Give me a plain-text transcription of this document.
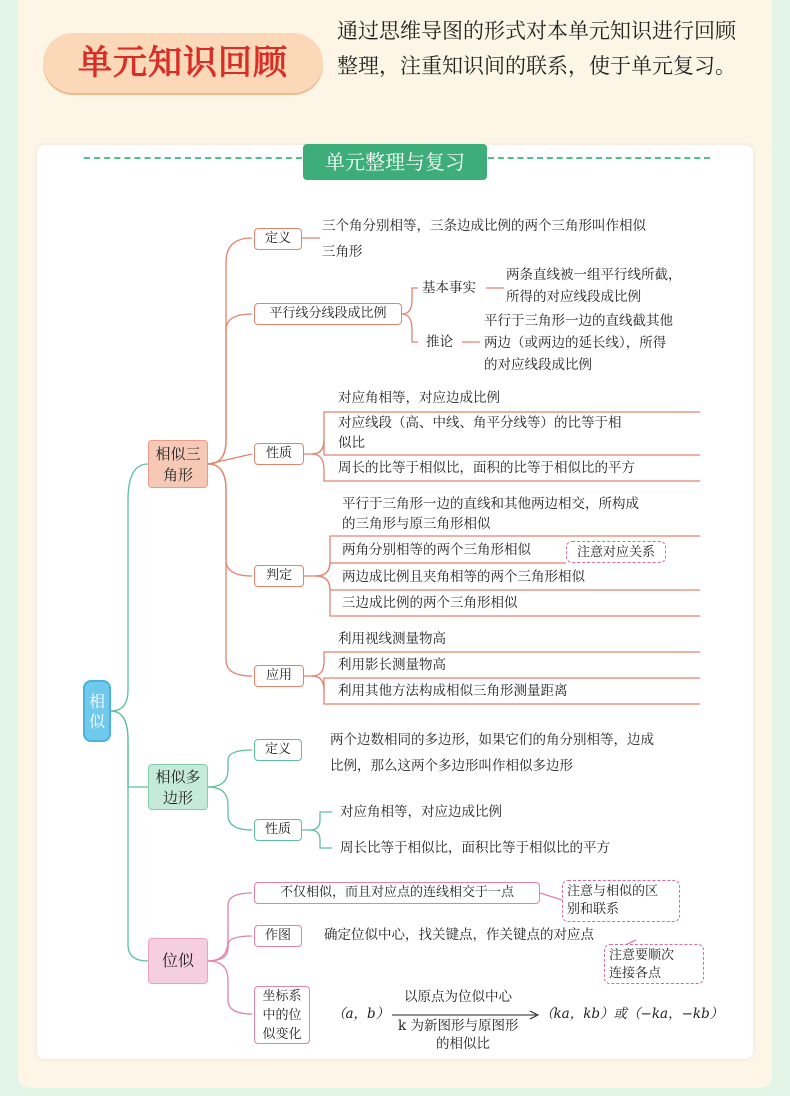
单元知识回顾
通过思维导图的形式对本单元知识进行回顾整理，注重知识间的联系，使于单元复习。
单元整理与复习
相似
相似三角形
相似多边形
位似
定义
三个角分别相等，三条边成比例的两个三角形叫作相似
三角形
平行线分线段成比例
基本事实
两条直线被一组平行线所截，
所得的对应线段成比例
推论
平行于三角形一边的直线截其他
两边（或两边的延长线），所得
的对应线段成比例
性质
对应角相等，对应边成比例
对应线段（高、中线、角平分线等）的比等于相
似比
周长的比等于相似比，面积的比等于相似比的平方
判定
平行于三角形一边的直线和其他两边相交，所构成
的三角形与原三角形相似
两角分别相等的两个三角形相似	注意对应关系
两边成比例且夹角相等的两个三角形相似
三边成比例的两个三角形相似
应用
利用视线测量物高
利用影长测量物高
利用其他方法构成相似三角形测量距离
定义
两个边数相同的多边形，如果它们的角分别相等，边成
比例，那么这两个多边形叫作相似多边形
性质
对应角相等，对应边成比例
周长比等于相似比，面积比等于相似比的平方
不仅相似，而且对应点的连线相交于一点	注意与相似的区
别和联系
作图	确定位似中心，找关键点，作关键点的对应点
注意要顺次
连接各点
坐标系中的位似变化
（a，b）
以原点为位似中心
k 为新图形与原图形
的相似比
（ka，kb）或（−ka，−kb）
